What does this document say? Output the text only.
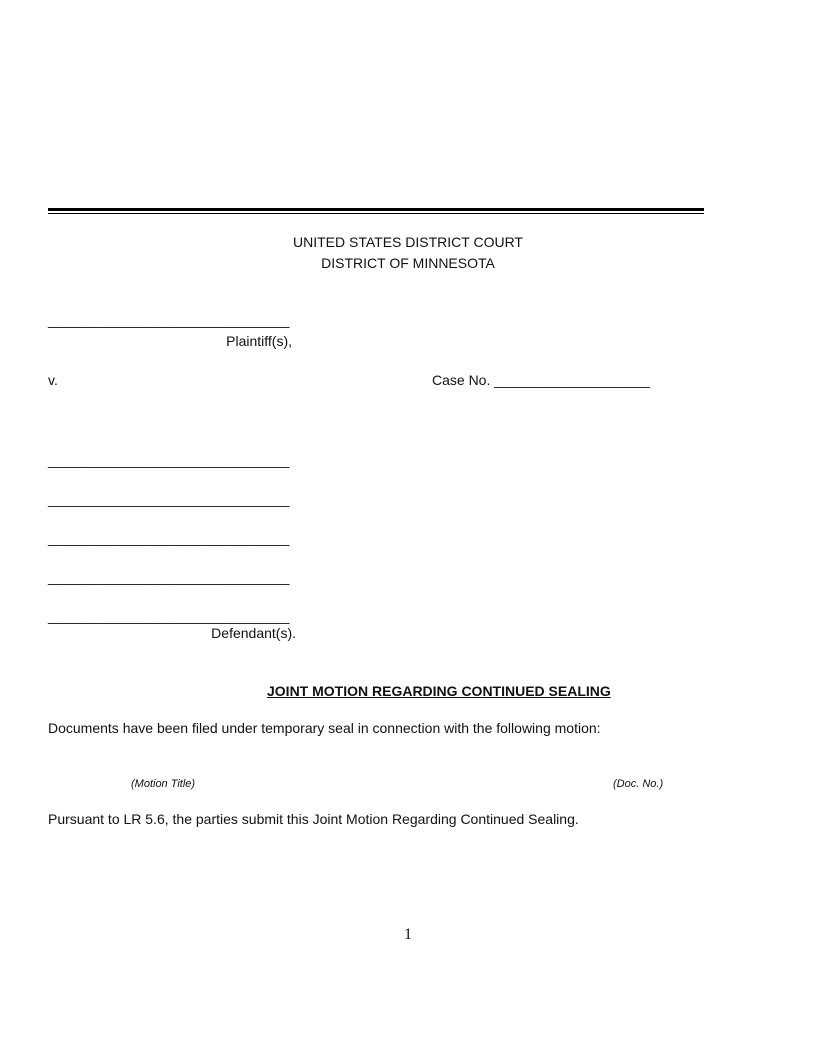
UNITED STATES DISTRICT COURT
DISTRICT OF MINNESOTA
_______________________________
Plaintiff(s),
v.	Case No. ____________________
_______________________________
_______________________________
_______________________________
_______________________________
_______________________________
Defendant(s).
JOINT MOTION REGARDING CONTINUED SEALING
Documents have been filed under temporary seal in connection with the following motion:
(Motion Title)	(Doc. No.)
Pursuant to LR 5.6, the parties submit this Joint Motion Regarding Continued Sealing.
1
